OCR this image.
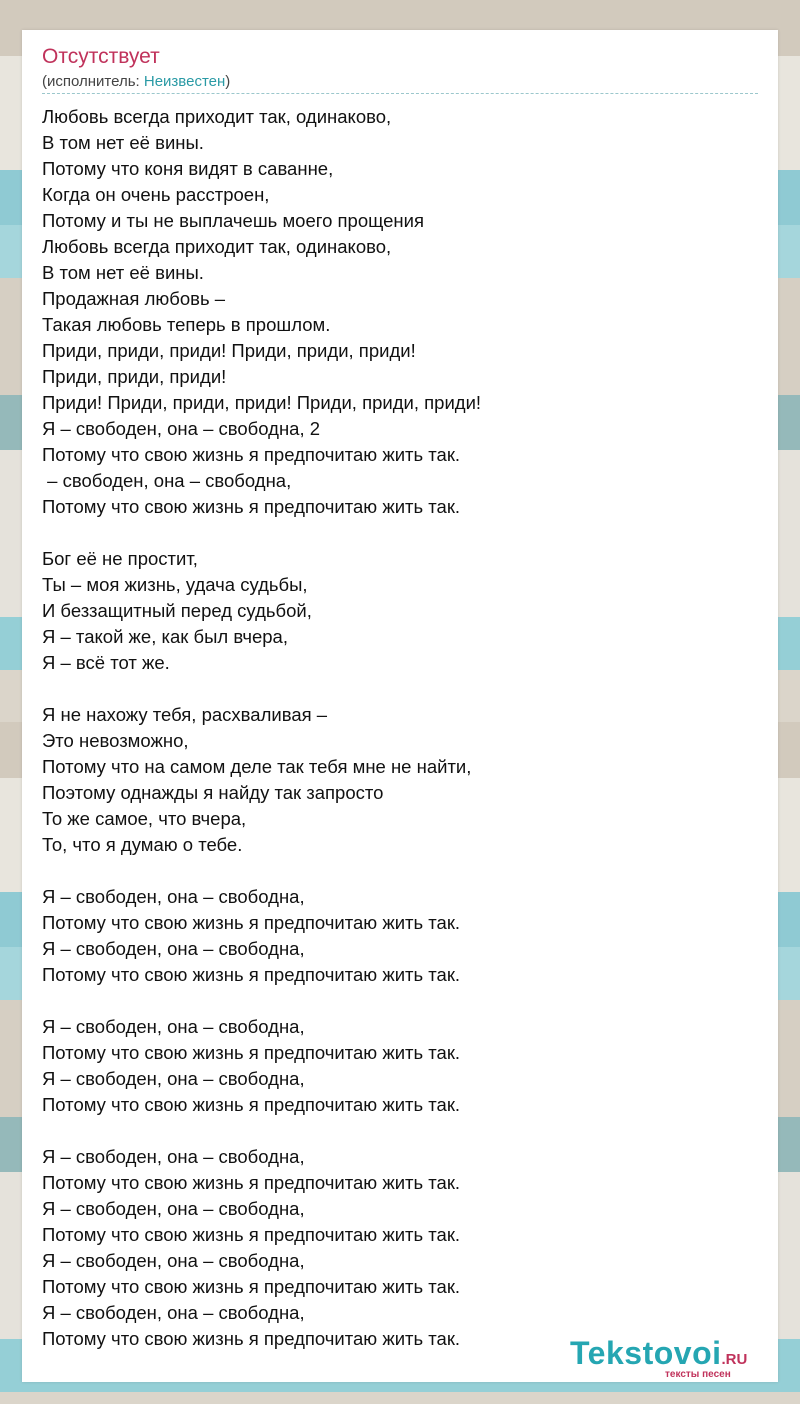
Отсутствует
(исполнитель: Неизвестен)
Любовь всегда приходит так, одинаково,
В том нет её вины.
Потому что коня видят в саванне,
Когда он очень расстроен,
Потому и ты не выплачешь моего прощения
Любовь всегда приходит так, одинаково,
В том нет её вины.
Продажная любовь –
Такая любовь теперь в прошлом.
Приди, приди, приди! Приди, приди, приди!
Приди, приди, приди!
Приди! Приди, приди, приди! Приди, приди, приди!
Я – свободен, она – свободна, 2
Потому что свою жизнь я предпочитаю жить так.
– свободен, она – свободна,
Потому что свою жизнь я предпочитаю жить так.
Бог её не простит,
Ты – моя жизнь, удача судьбы,
И беззащитный перед судьбой,
Я – такой же, как был вчера,
Я – всё тот же.
Я не нахожу тебя, расхваливая –
Это невозможно,
Потому что на самом деле так тебя мне не найти,
Поэтому однажды я найду так запросто
То же самое, что вчера,
То, что я думаю о тебе.
Я – свободен, она – свободна,
Потому что свою жизнь я предпочитаю жить так.
Я – свободен, она – свободна,
Потому что свою жизнь я предпочитаю жить так.
Я – свободен, она – свободна,
Потому что свою жизнь я предпочитаю жить так.
Я – свободен, она – свободна,
Потому что свою жизнь я предпочитаю жить так.
Я – свободен, она – свободна,
Потому что свою жизнь я предпочитаю жить так.
Я – свободен, она – свободна,
Потому что свою жизнь я предпочитаю жить так.
Я – свободен, она – свободна,
Потому что свою жизнь я предпочитаю жить так.
Я – свободен, она – свободна,
Потому что свою жизнь я предпочитаю жить так.	Tekstovoi.RU
тексты песен
